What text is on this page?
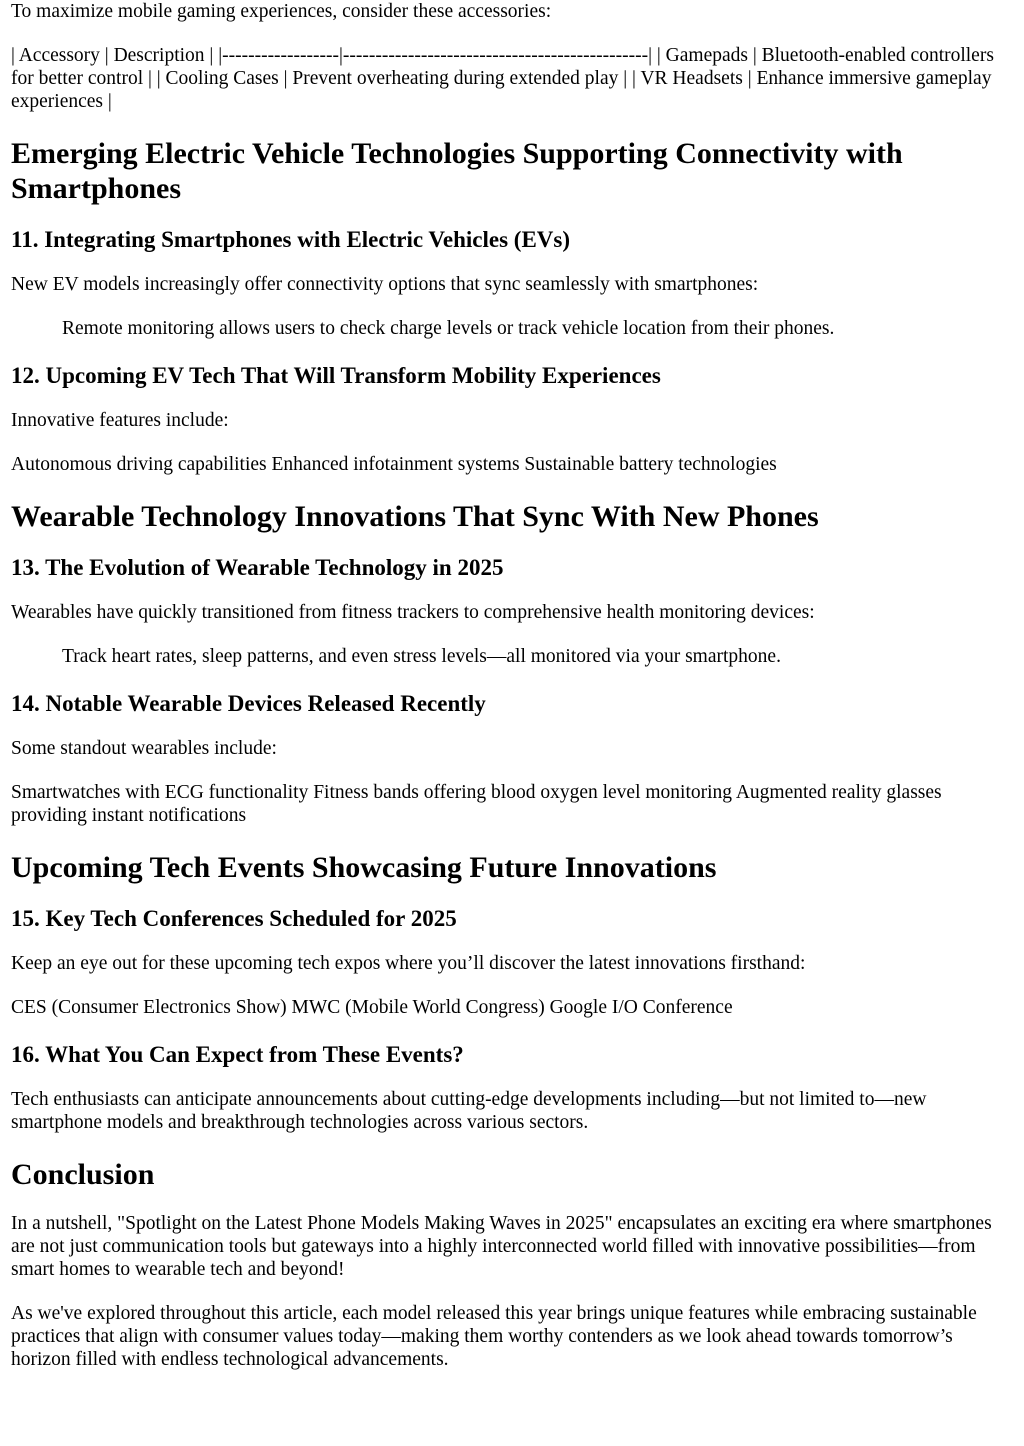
To maximize mobile gaming experiences, consider these accessories:

| Accessory | Description | |------------------|-----------------------------------------------| | Gamepads | Bluetooth-enabled controllers for better control | | Cooling Cases | Prevent overheating during extended play | | VR Headsets | Enhance immersive gameplay experiences |

Emerging Electric Vehicle Technologies Supporting Connectivity with Smartphones
11. Integrating Smartphones with Electric Vehicles (EVs)

New EV models increasingly offer connectivity options that sync seamlessly with smartphones:

Remote monitoring allows users to check charge levels or track vehicle location from their phones.
12. Upcoming EV Tech That Will Transform Mobility Experiences

Innovative features include:

Autonomous driving capabilities Enhanced infotainment systems Sustainable battery technologies

Wearable Technology Innovations That Sync With New Phones
13. The Evolution of Wearable Technology in 2025

Wearables have quickly transitioned from fitness trackers to comprehensive health monitoring devices:

Track heart rates, sleep patterns, and even stress levels—all monitored via your smartphone.
14. Notable Wearable Devices Released Recently

Some standout wearables include:

Smartwatches with ECG functionality Fitness bands offering blood oxygen level monitoring Augmented reality glasses providing instant notifications

Upcoming Tech Events Showcasing Future Innovations
15. Key Tech Conferences Scheduled for 2025

Keep an eye out for these upcoming tech expos where you’ll discover the latest innovations firsthand:

CES (Consumer Electronics Show) MWC (Mobile World Congress) Google I/O Conference

16. What You Can Expect from These Events?

Tech enthusiasts can anticipate announcements about cutting-edge developments including—but not limited to—new smartphone models and breakthrough technologies across various sectors.

Conclusion

In a nutshell, "Spotlight on the Latest Phone Models Making Waves in 2025" encapsulates an exciting era where smartphones are not just communication tools but gateways into a highly interconnected world filled with innovative possibilities—from smart homes to wearable tech and beyond!

As we've explored throughout this article, each model released this year brings unique features while embracing sustainable practices that align with consumer values today—making them worthy contenders as we look ahead towards tomorrow’s horizon filled with endless technological advancements.
